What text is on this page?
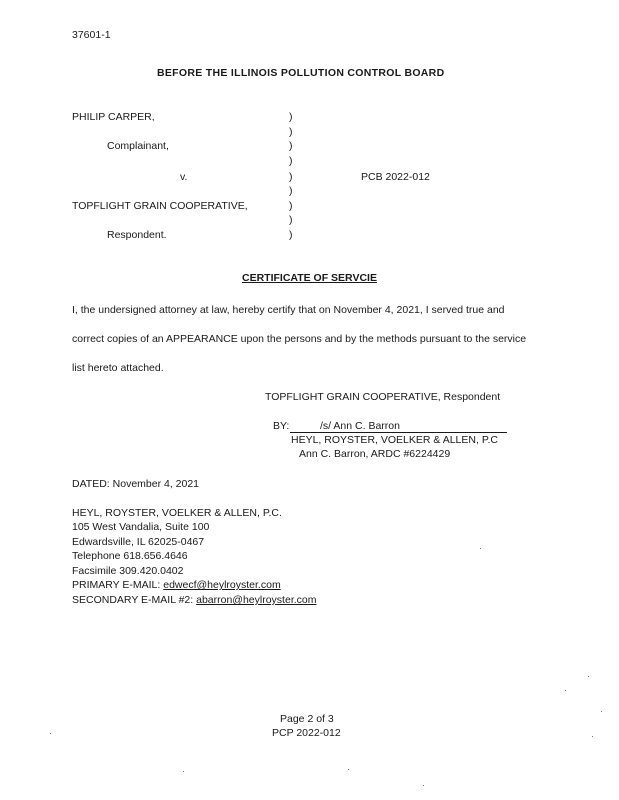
37601-1
BEFORE THE ILLINOIS POLLUTION CONTROL BOARD
PHILIP CARPER,
Complainant,
v.	PCB 2022-012
TOPFLIGHT GRAIN COOPERATIVE,
Respondent.
)
)
)
)
)
)
)
)
)
CERTIFICATE OF SERVCIE
I, the undersigned attorney at law, hereby certify that on November 4, 2021, I served true and
correct copies of an APPEARANCE upon the persons and by the methods pursuant to the service
list hereto attached.
TOPFLIGHT GRAIN COOPERATIVE, Respondent
BY:	/s/ Ann C. Barron
HEYL, ROYSTER, VOELKER & ALLEN, P.C
Ann C. Barron, ARDC #6224429
DATED: November 4, 2021
HEYL, ROYSTER, VOELKER & ALLEN, P.C.
105 West Vandalia, Suite 100
Edwardsville, IL 62025-0467
Telephone 618.656.4646
Facsimile 309.420.0402
PRIMARY E-MAIL: edwecf@heylroyster.com
SECONDARY E-MAIL #2: abarron@heylroyster.com
Page 2 of 3
PCP 2022-012
